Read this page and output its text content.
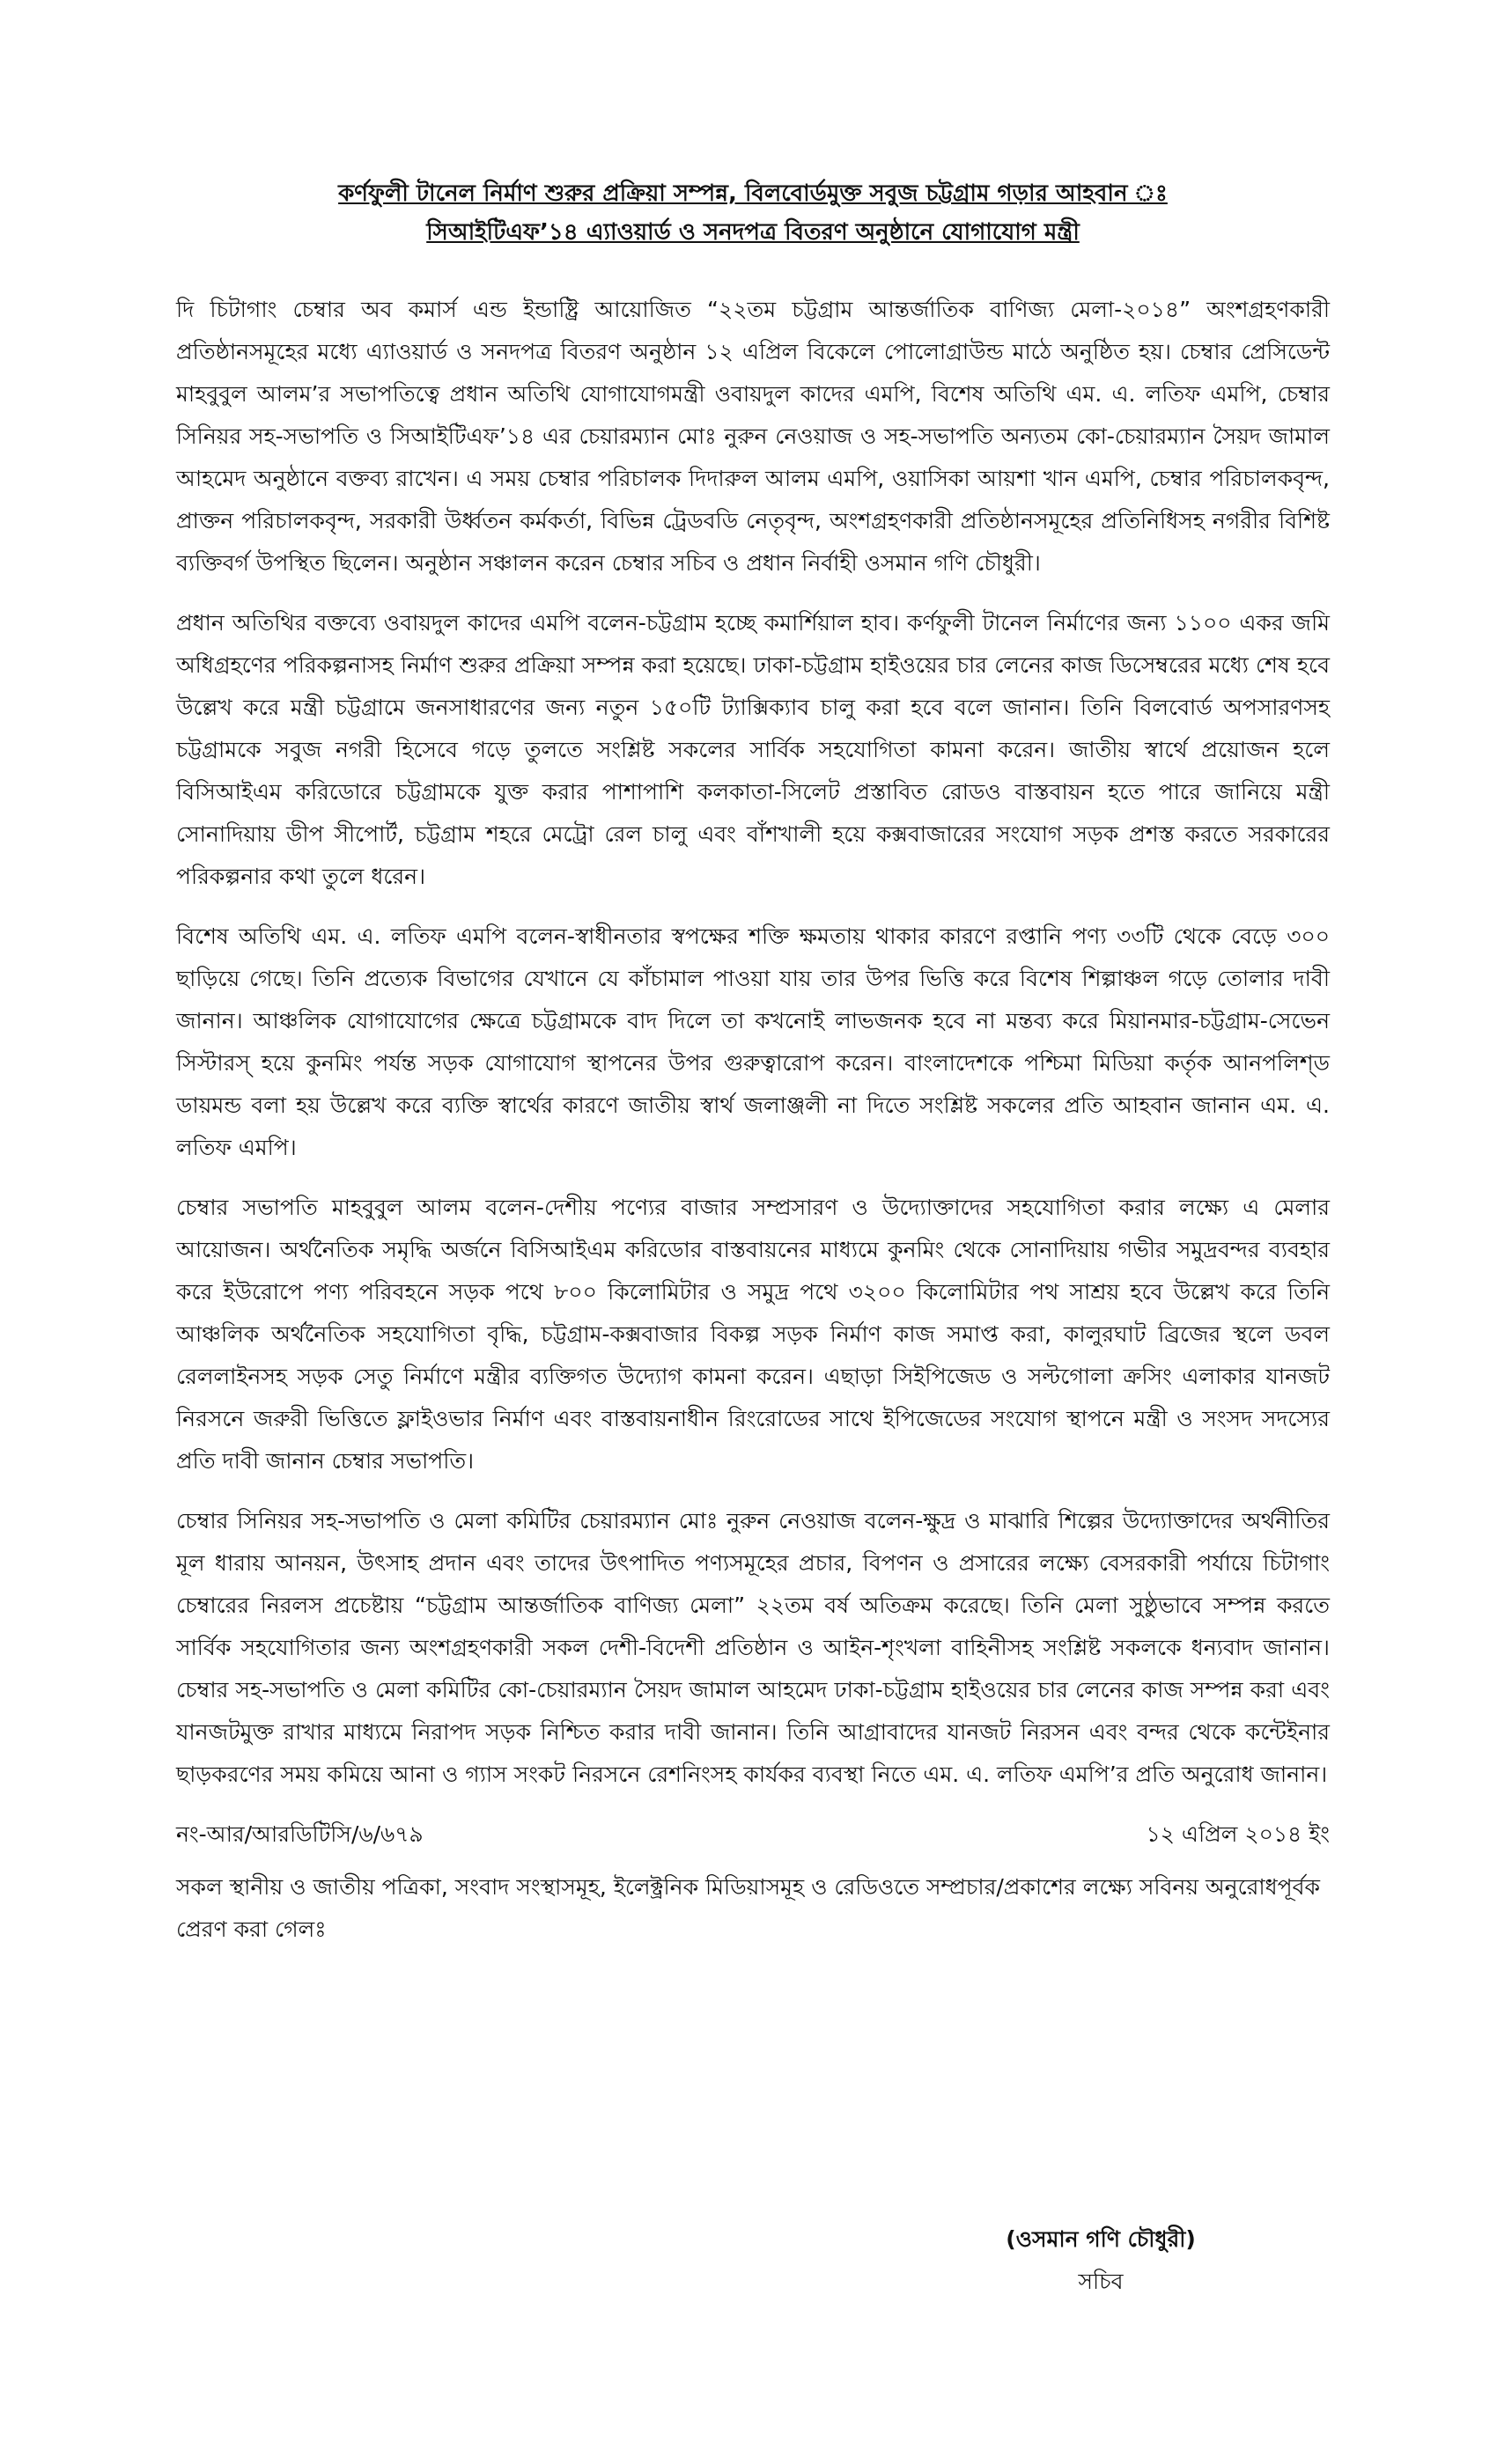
কর্ণফুলী টানেল নির্মাণ শুরুর প্রক্রিয়া সম্পন্ন, বিলবোর্ডমুক্ত সবুজ চট্টগ্রাম গড়ার আহবান ঃ

সিআইটিএফ’১৪ এ্যাওয়ার্ড ও সনদপত্র বিতরণ অনুষ্ঠানে যোগাযোগ মন্ত্রী

দি চিটাগাং চেম্বার অব কমার্স এন্ড ইন্ডাষ্ট্রি আয়োজিত “২২তম চট্টগ্রাম আন্তর্জাতিক বাণিজ্য মেলা-২০১৪” অংশগ্রহণকারী প্রতিষ্ঠানসমূহের মধ্যে এ্যাওয়ার্ড ও সনদপত্র বিতরণ অনুষ্ঠান ১২ এপ্রিল বিকেলে পোলোগ্রাউন্ড মাঠে অনুষ্ঠিত হয়। চেম্বার প্রেসিডেন্ট মাহবুবুল আলম’র সভাপতিত্বে প্রধান অতিথি যোগাযোগমন্ত্রী ওবায়দুল কাদের এমপি, বিশেষ অতিথি এম. এ. লতিফ এমপি, চেম্বার সিনিয়র সহ-সভাপতি ও সিআইটিএফ’১৪ এর চেয়ারম্যান মোঃ নুরুন নেওয়াজ ও সহ-সভাপতি অন্যতম কো-চেয়ারম্যান সৈয়দ জামাল আহমেদ অনুষ্ঠানে বক্তব্য রাখেন। এ সময় চেম্বার পরিচালক দিদারুল আলম এমপি, ওয়াসিকা আয়শা খান এমপি, চেম্বার পরিচালকবৃন্দ, প্রাক্তন পরিচালকবৃন্দ, সরকারী উর্ধ্বতন কর্মকর্তা, বিভিন্ন ট্রেডবডি নেতৃবৃন্দ, অংশগ্রহণকারী প্রতিষ্ঠানসমূহের প্রতিনিধিসহ নগরীর বিশিষ্ট ব্যক্তিবর্গ উপস্থিত ছিলেন। অনুষ্ঠান সঞ্চালন করেন চেম্বার সচিব ও প্রধান নির্বাহী ওসমান গণি চৌধুরী।

প্রধান অতিথির বক্তব্যে ওবায়দুল কাদের এমপি বলেন-চট্টগ্রাম হচ্ছে কমার্শিয়াল হাব। কর্ণফুলী টানেল নির্মাণের জন্য ১১০০ একর জমি অধিগ্রহণের পরিকল্পনাসহ নির্মাণ শুরুর প্রক্রিয়া সম্পন্ন করা হয়েছে। ঢাকা-চট্টগ্রাম হাইওয়ের চার লেনের কাজ ডিসেম্বরের মধ্যে শেষ হবে উল্লেখ করে মন্ত্রী চট্টগ্রামে জনসাধারণের জন্য নতুন ১৫০টি ট্যাক্সিক্যাব চালু করা হবে বলে জানান। তিনি বিলবোর্ড অপসারণসহ চট্টগ্রামকে সবুজ নগরী হিসেবে গড়ে তুলতে সংশ্লিষ্ট সকলের সার্বিক সহযোগিতা কামনা করেন। জাতীয় স্বার্থে প্রয়োজন হলে বিসিআইএম করিডোরে চট্টগ্রামকে যুক্ত করার পাশাপাশি কলকাতা-সিলেট প্রস্তাবিত রোডও বাস্তবায়ন হতে পারে জানিয়ে মন্ত্রী সোনাদিয়ায় ডীপ সীপোর্ট, চট্টগ্রাম শহরে মেট্রো রেল চালু এবং বাঁশখালী হয়ে কক্সবাজারের সংযোগ সড়ক প্রশস্ত করতে সরকারের পরিকল্পনার কথা তুলে ধরেন।

বিশেষ অতিথি এম. এ. লতিফ এমপি বলেন-স্বাধীনতার স্বপক্ষের শক্তি ক্ষমতায় থাকার কারণে রপ্তানি পণ্য ৩৩টি থেকে বেড়ে ৩০০ ছাড়িয়ে গেছে। তিনি প্রত্যেক বিভাগের যেখানে যে কাঁচামাল পাওয়া যায় তার উপর ভিত্তি করে বিশেষ শিল্পাঞ্চল গড়ে তোলার দাবী জানান। আঞ্চলিক যোগাযোগের ক্ষেত্রে চট্টগ্রামকে বাদ দিলে তা কখনোই লাভজনক হবে না মন্তব্য করে মিয়ানমার-চট্টগ্রাম-সেভেন সিস্টারস্ হয়ে কুনমিং পর্যন্ত সড়ক যোগাযোগ স্থাপনের উপর গুরুত্বারোপ করেন। বাংলাদেশকে পশ্চিমা মিডিয়া কর্তৃক আনপলিশ্ড ডায়মন্ড বলা হয় উল্লেখ করে ব্যক্তি স্বার্থের কারণে জাতীয় স্বার্থ জলাঞ্জলী না দিতে সংশ্লিষ্ট সকলের প্রতি আহবান জানান এম. এ. লতিফ এমপি।

চেম্বার সভাপতি মাহবুবুল আলম বলেন-দেশীয় পণ্যের বাজার সম্প্রসারণ ও উদ্যোক্তাদের সহযোগিতা করার লক্ষ্যে এ মেলার আয়োজন। অর্থনৈতিক সমৃদ্ধি অর্জনে বিসিআইএম করিডোর বাস্তবায়নের মাধ্যমে কুনমিং থেকে সোনাদিয়ায় গভীর সমুদ্রবন্দর ব্যবহার করে ইউরোপে পণ্য পরিবহনে সড়ক পথে ৮০০ কিলোমিটার ও সমুদ্র পথে ৩২০০ কিলোমিটার পথ সাশ্রয় হবে উল্লেখ করে তিনি আঞ্চলিক অর্থনৈতিক সহযোগিতা বৃদ্ধি, চট্টগ্রাম-কক্সবাজার বিকল্প সড়ক নির্মাণ কাজ সমাপ্ত করা, কালুরঘাট ব্রিজের স্থলে ডবল রেললাইনসহ সড়ক সেতু নির্মাণে মন্ত্রীর ব্যক্তিগত উদ্যোগ কামনা করেন। এছাড়া সিইপিজেড ও সল্টগোলা ক্রসিং এলাকার যানজট নিরসনে জরুরী ভিত্তিতে ফ্লাইওভার নির্মাণ এবং বাস্তবায়নাধীন রিংরোডের সাথে ইপিজেডের সংযোগ স্থাপনে মন্ত্রী ও সংসদ সদস্যের প্রতি দাবী জানান চেম্বার সভাপতি।

চেম্বার সিনিয়র সহ-সভাপতি ও মেলা কমিটির চেয়ারম্যান মোঃ নুরুন নেওয়াজ বলেন-ক্ষুদ্র ও মাঝারি শিল্পের উদ্যোক্তাদের অর্থনীতির মূল ধারায় আনয়ন, উৎসাহ প্রদান এবং তাদের উৎপাদিত পণ্যসমূহের প্রচার, বিপণন ও প্রসারের লক্ষ্যে বেসরকারী পর্যায়ে চিটাগাং চেম্বারের নিরলস প্রচেষ্টায় “চট্টগ্রাম আন্তর্জাতিক বাণিজ্য মেলা” ২২তম বর্ষ অতিক্রম করেছে। তিনি মেলা সুষ্ঠুভাবে সম্পন্ন করতে সার্বিক সহযোগিতার জন্য অংশগ্রহণকারী সকল দেশী-বিদেশী প্রতিষ্ঠান ও আইন-শৃংখলা বাহিনীসহ সংশ্লিষ্ট সকলকে ধন্যবাদ জানান। চেম্বার সহ-সভাপতি ও মেলা কমিটির কো-চেয়ারম্যান সৈয়দ জামাল আহমেদ ঢাকা-চট্টগ্রাম হাইওয়ের চার লেনের কাজ সম্পন্ন করা এবং যানজটমুক্ত রাখার মাধ্যমে নিরাপদ সড়ক নিশ্চিত করার দাবী জানান। তিনি আগ্রাবাদের যানজট নিরসন এবং বন্দর থেকে কন্টেইনার ছাড়করণের সময় কমিয়ে আনা ও গ্যাস সংকট নিরসনে রেশনিংসহ কার্যকর ব্যবস্থা নিতে এম. এ. লতিফ এমপি’র প্রতি অনুরোধ জানান।

নং-আর/আরডিটিসি/৬/৬৭৯	১২ এপ্রিল ২০১৪ ইং

সকল স্থানীয় ও জাতীয় পত্রিকা, সংবাদ সংস্থাসমূহ, ইলেক্ট্রনিক মিডিয়াসমূহ ও রেডিওতে সম্প্রচার/প্রকাশের লক্ষ্যে সবিনয় অনুরোধপূর্বক প্রেরণ করা গেলঃ

(ওসমান গণি চৌধুরী)
সচিব
